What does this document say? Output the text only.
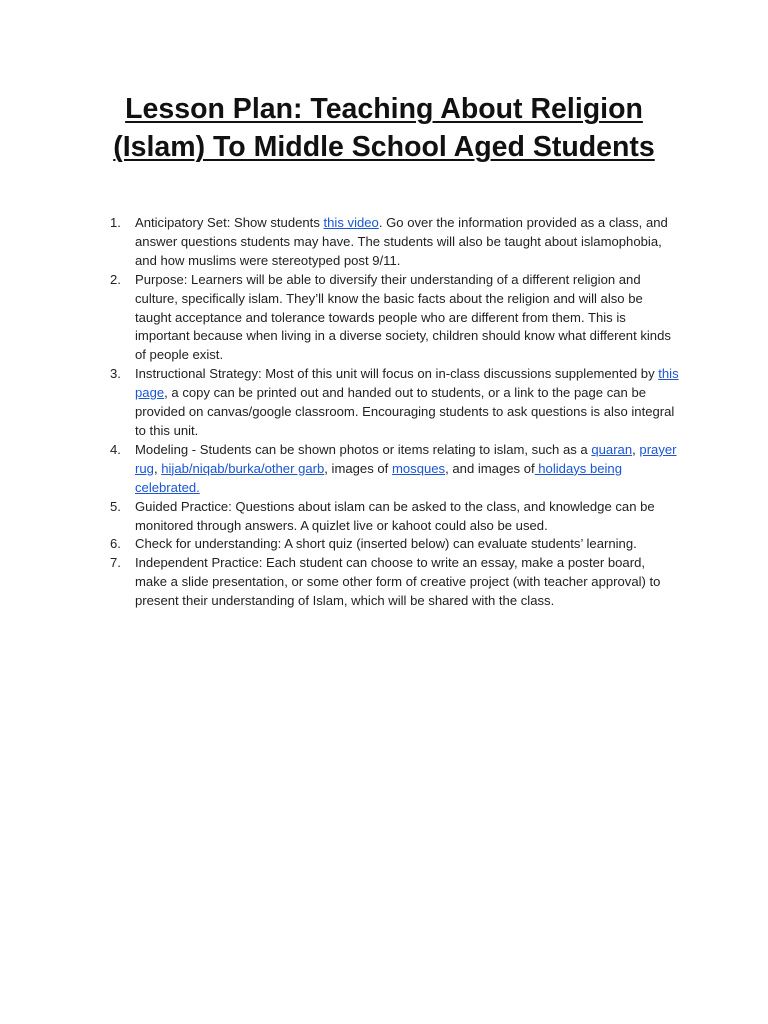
Lesson Plan: Teaching About Religion
(Islam) To Middle School Aged Students
1. Anticipatory Set: Show students this video. Go over the information provided as a class, and answer questions students may have. The students will also be taught about islamophobia, and how muslims were stereotyped post 9/11.
2. Purpose: Learners will be able to diversify their understanding of a different religion and culture, specifically islam. They’ll know the basic facts about the religion and will also be taught acceptance and tolerance towards people who are different from them. This is important because when living in a diverse society, children should know what different kinds of people exist.
3. Instructional Strategy: Most of this unit will focus on in-class discussions supplemented by this page, a copy can be printed out and handed out to students, or a link to the page can be provided on canvas/google classroom. Encouraging students to ask questions is also integral to this unit.
4. Modeling - Students can be shown photos or items relating to islam, such as a quaran, prayer rug, hijab/niqab/burka/other garb, images of mosques, and images of holidays being celebrated.
5. Guided Practice: Questions about islam can be asked to the class, and knowledge can be monitored through answers. A quizlet live or kahoot could also be used.
6. Check for understanding: A short quiz (inserted below) can evaluate students’ learning.
7. Independent Practice: Each student can choose to write an essay, make a poster board, make a slide presentation, or some other form of creative project (with teacher approval) to present their understanding of Islam, which will be shared with the class.
